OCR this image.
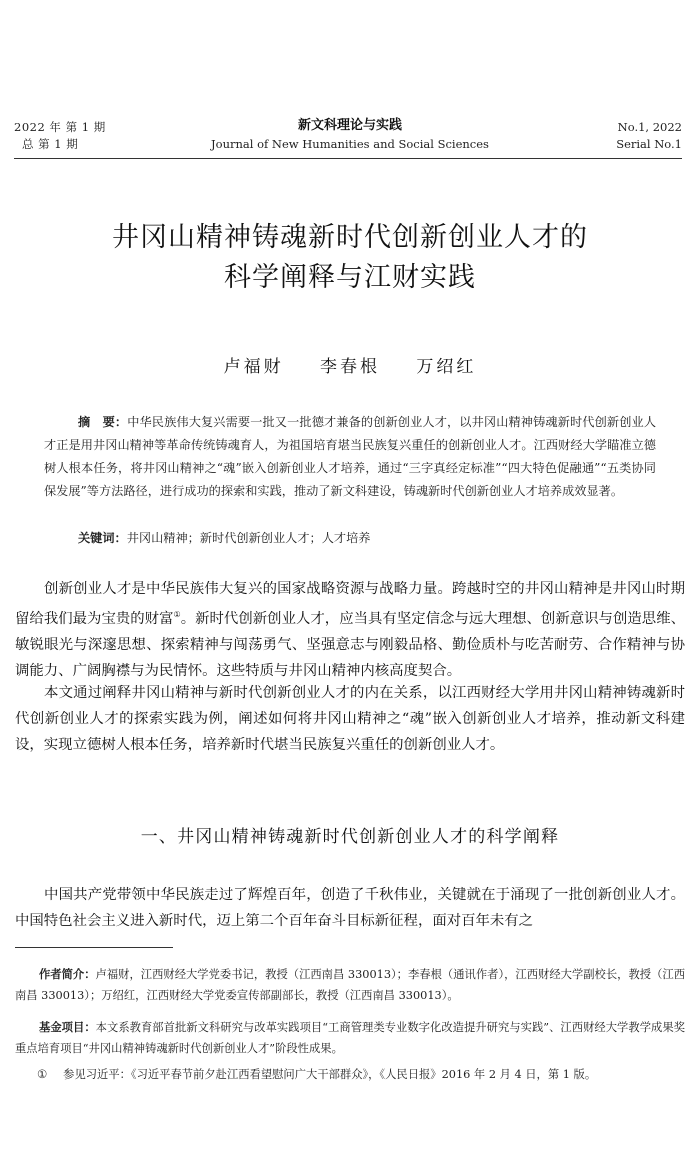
2022 年 第 1 期
总 第 1 期
新文科理论与实践
Journal of New Humanities and Social Sciences
No.1, 2022
Serial No.1
井冈山精神铸魂新时代创新创业人才的
科学阐释与江财实践
卢福财 李春根 万绍红
摘　要：中华民族伟大复兴需要一批又一批德才兼备的创新创业人才，以井冈山精神铸魂新时代创新创业人才正是用井冈山精神等革命传统铸魂育人，为祖国培育堪当民族复兴重任的创新创业人才。江西财经大学瞄准立德树人根本任务，将井冈山精神之“魂”嵌入创新创业人才培养，通过“三字真经定标准”“四大特色促融通”“五类协同保发展”等方法路径，进行成功的探索和实践，推动了新文科建设，铸魂新时代创新创业人才培养成效显著。
关键词：井冈山精神；新时代创新创业人才；人才培养
创新创业人才是中华民族伟大复兴的国家战略资源与战略力量。跨越时空的井冈山精神是井冈山时期留给我们最为宝贵的财富①。新时代创新创业人才，应当具有坚定信念与远大理想、创新意识与创造思维、敏锐眼光与深邃思想、探索精神与闯荡勇气、坚强意志与刚毅品格、勤俭质朴与吃苦耐劳、合作精神与协调能力、广阔胸襟与为民情怀。这些特质与井冈山精神内核高度契合。
本文通过阐释井冈山精神与新时代创新创业人才的内在关系，以江西财经大学用井冈山精神铸魂新时代创新创业人才的探索实践为例，阐述如何将井冈山精神之“魂”嵌入创新创业人才培养，推动新文科建设，实现立德树人根本任务，培养新时代堪当民族复兴重任的创新创业人才。
一、井冈山精神铸魂新时代创新创业人才的科学阐释
中国共产党带领中华民族走过了辉煌百年，创造了千秋伟业，关键就在于涌现了一批创新创业人才。中国特色社会主义进入新时代，迈上第二个百年奋斗目标新征程，面对百年未有之
作者简介：卢福财，江西财经大学党委书记，教授（江西南昌 330013）；李春根（通讯作者），江西财经大学副校长，教授（江西南昌 330013）；万绍红，江西财经大学党委宣传部副部长，教授（江西南昌 330013）。
基金项目：本文系教育部首批新文科研究与改革实践项目“工商管理类专业数字化改造提升研究与实践”、江西财经大学教学成果奖重点培育项目“井冈山精神铸魂新时代创新创业人才”阶段性成果。
① 参见习近平：《习近平春节前夕赴江西看望慰问广大干部群众》，《人民日报》2016 年 2 月 4 日，第 1 版。
